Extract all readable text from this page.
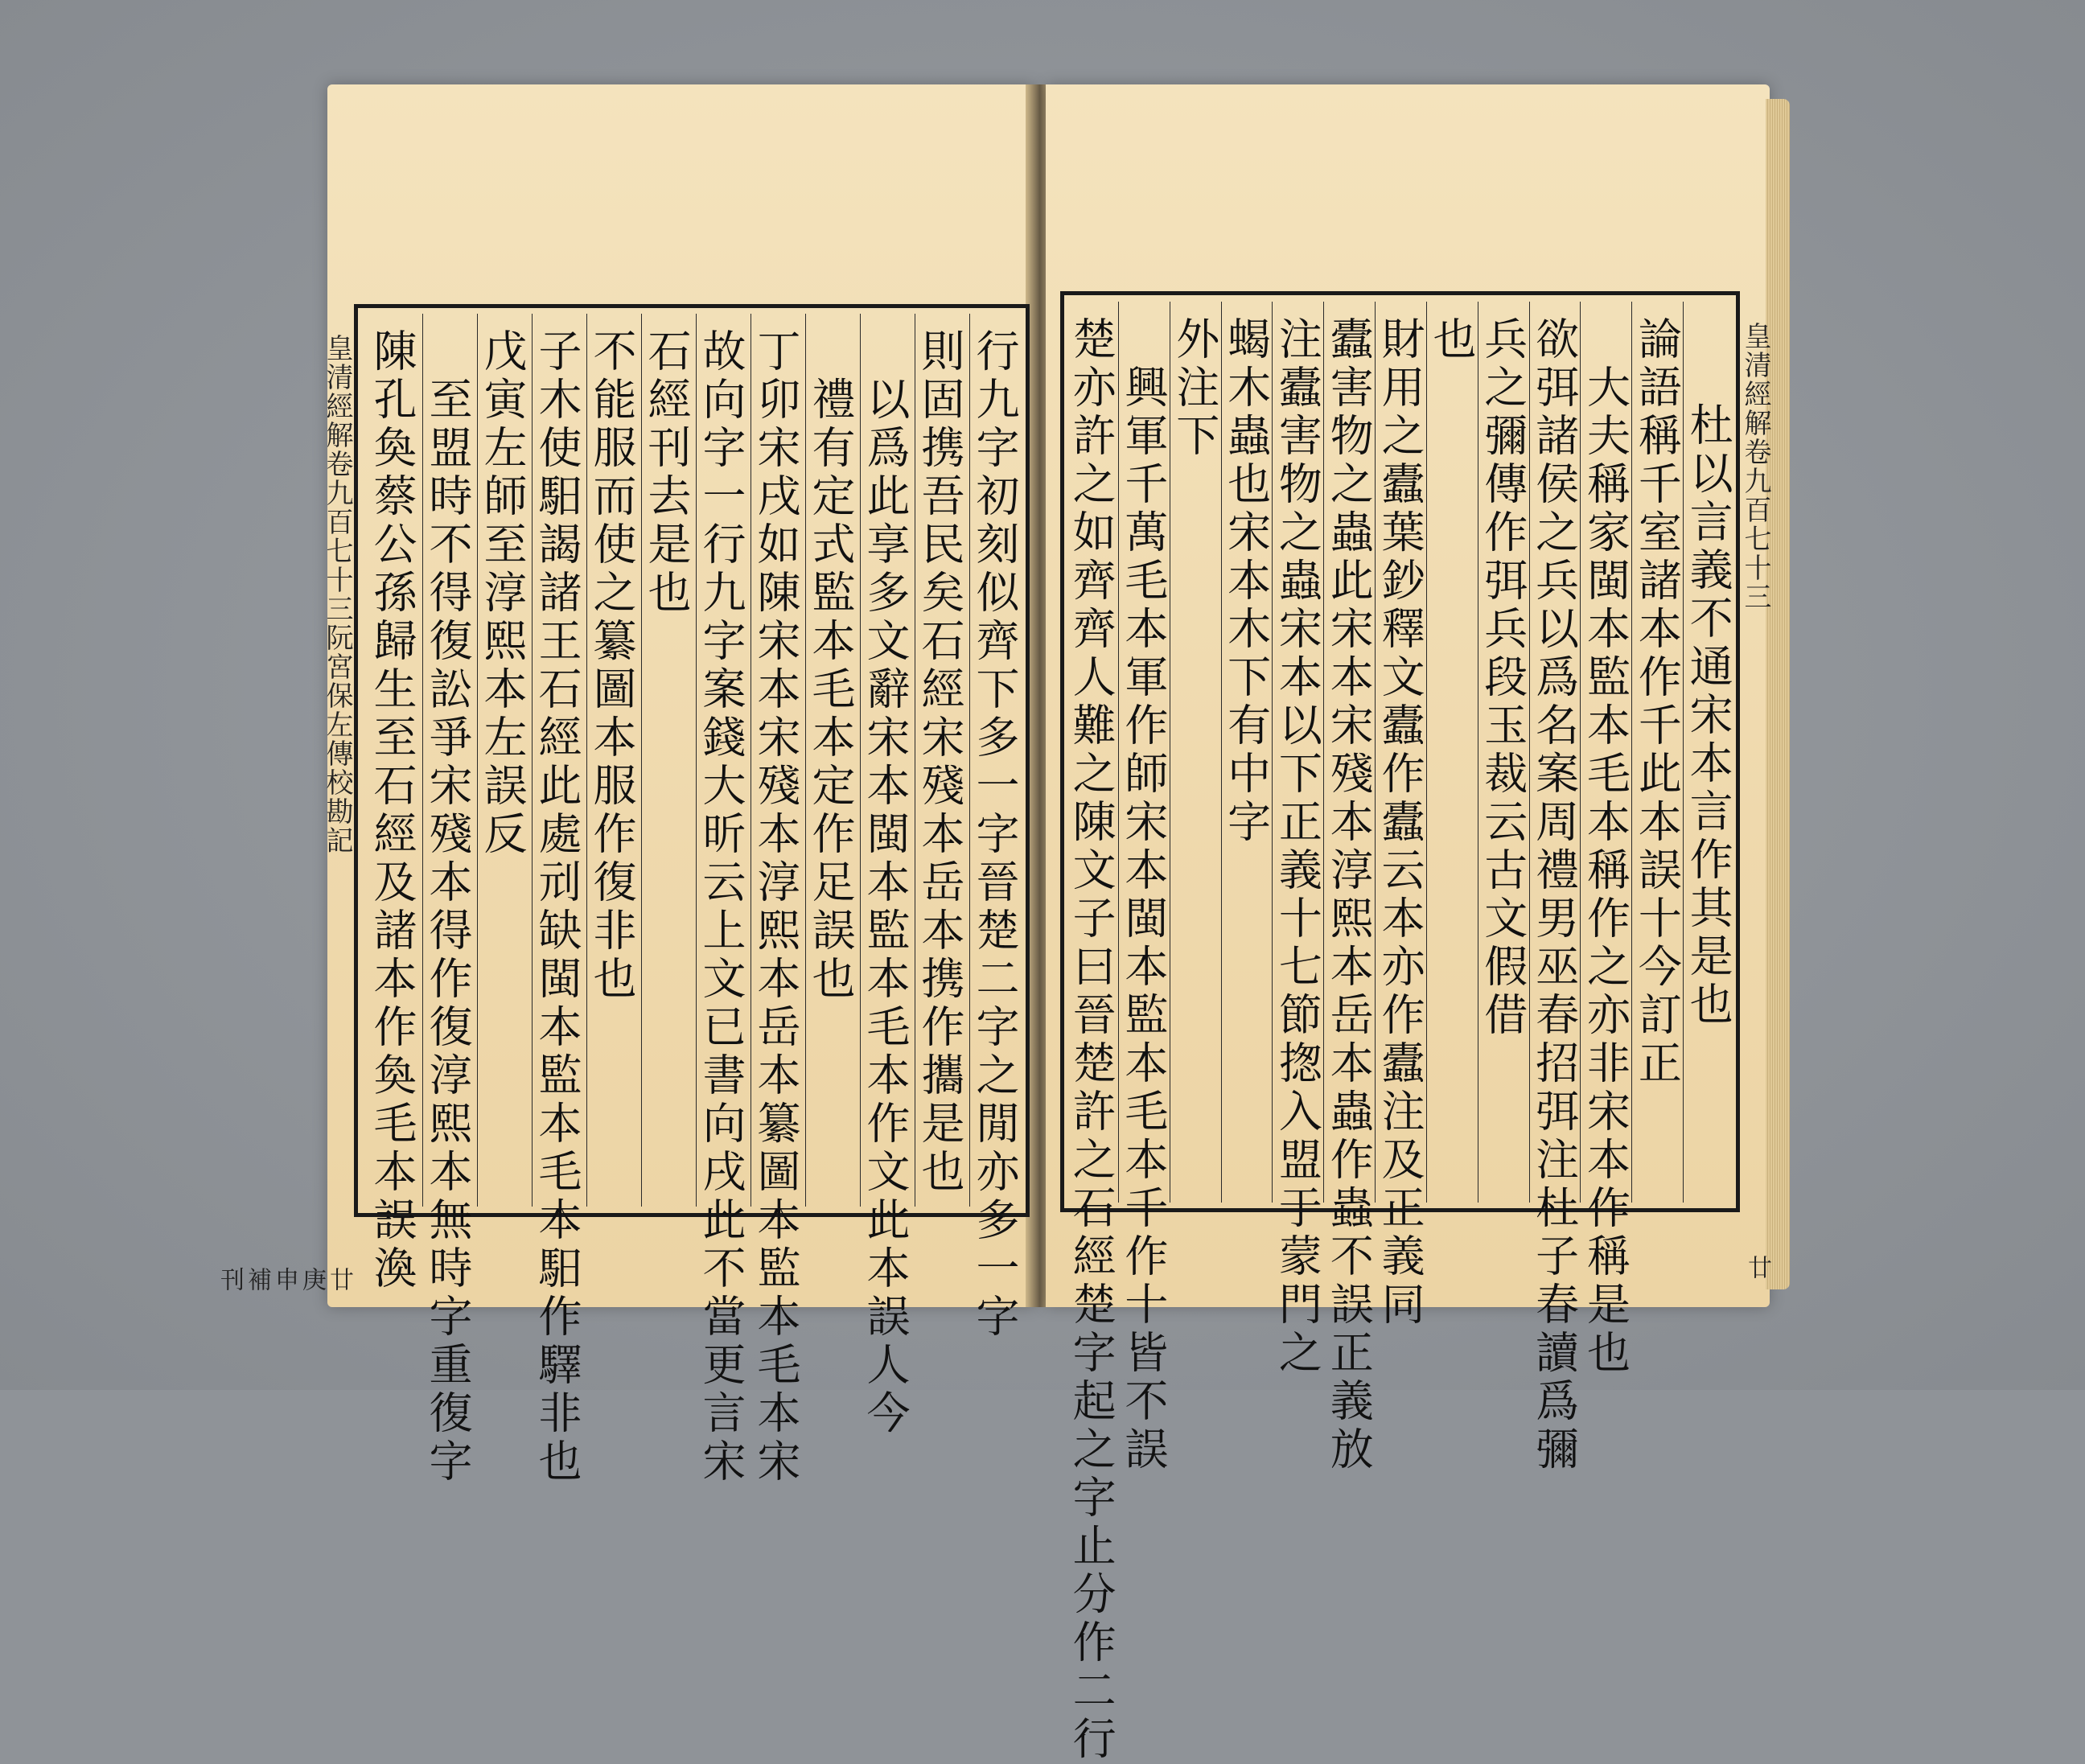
皇清經解卷九百七十三阮宮保左傳校勘記
廿庚申補刊	行九字初刻似齊下多一字晉楚二字之閒亦多一字
則固携吾民矣石經宋殘本岳本携作攜是也
以爲此享多文辭宋本閩本監本毛本作文此本誤人今
禮有定式監本毛本定作足誤也
丁卯宋戌如陳宋本宋殘本淳熙本岳本纂圖本監本毛本宋
故向字一行九字案錢大昕云上文已書向戌此不當更言宋
石經刊去是也
不能服而使之纂圖本服作復非也
子木使馹謁諸王石經此處刓缺閩本監本毛本馹作驛非也
戊寅左師至淳熙本左誤反
至盟時不得復訟爭宋殘本得作復淳熙本無時字重復字
陳孔奐蔡公孫歸生至石經及諸本作奐毛本誤渙	皇清經解卷九百七十三
廿
杜以言義不通宋本言作其是也
論語稱千室諸本作千此本誤十今訂正
大夫稱家閩本監本毛本稱作之亦非宋本作稱是也
欲弭諸侯之兵以爲名案周禮男巫春招弭注杜子春讀爲彌
兵之彌傳作弭兵段玉裁云古文假借
也
財用之蠹葉鈔釋文蠹作蠹云本亦作蠹注及正義同
蠹害物之蟲此宋本宋殘本淳熙本岳本蟲作蟲不誤正義放
注蠹害物之蟲宋本以下正義十七節揔入盟于蒙門之
蝎木蟲也宋本木下有中字
外注下
興軍千萬毛本軍作師宋本閩本監本毛本千作十皆不誤
楚亦許之如齊齊人難之陳文子曰晉楚許之石經楚字起之字止分作二行
